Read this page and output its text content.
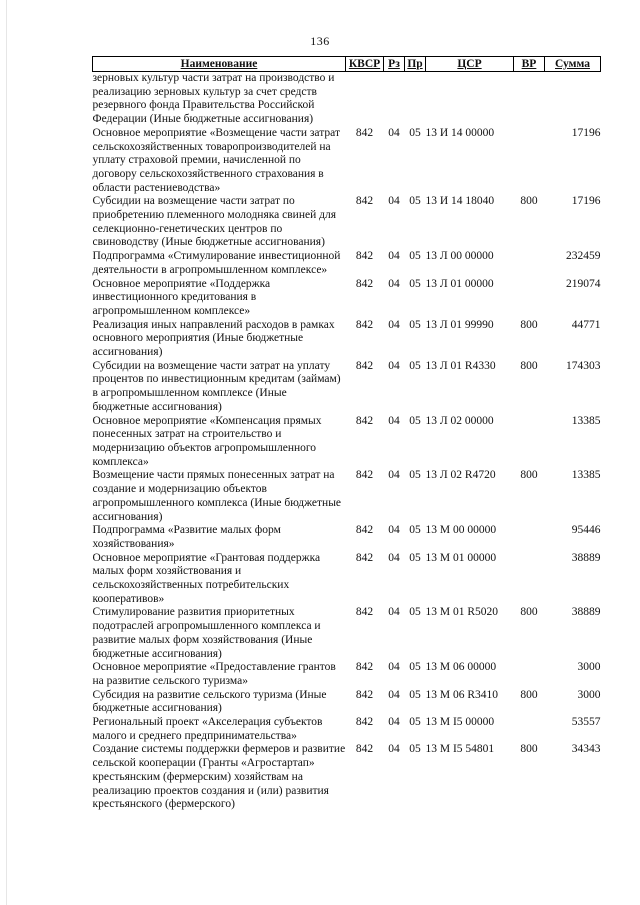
136
Наименование	КВСР	Рз	Пр	ЦСР	ВР	Сумма
зерновых культур части затрат на производство и реализацию зерновых культур за счет средств резервного фонда Правительства Российской Федерации (Иные бюджетные ассигнования)						
Основное мероприятие «Возмещение части затрат сельскохозяйственных товаропроизводителей на уплату страховой премии, начисленной по договору сельскохозяйственного страхования в области растениеводства»	842	04	05	13 И 14 00000		17196
Субсидии на возмещение части затрат по приобретению племенного молодняка свиней для селекционно-генетических центров по свиноводству (Иные бюджетные ассигнования)	842	04	05	13 И 14 18040	800	17196
Подпрограмма «Стимулирование инвестиционной деятельности в агропромышленном комплексе»	842	04	05	13 Л 00 00000		232459
Основное мероприятие «Поддержка инвестиционного кредитования в агропромышленном комплексе»	842	04	05	13 Л 01 00000		219074
Реализация иных направлений расходов в рамках основного мероприятия (Иные бюджетные ассигнования)	842	04	05	13 Л 01 99990	800	44771
Субсидии на возмещение части затрат на уплату процентов по инвестиционным кредитам (займам) в агропромышленном комплексе (Иные бюджетные ассигнования)	842	04	05	13 Л 01 R4330	800	174303
Основное мероприятие «Компенсация прямых понесенных затрат на строительство и модернизацию объектов агропромышленного комплекса»	842	04	05	13 Л 02 00000		13385
Возмещение части прямых понесенных затрат на создание и модернизацию объектов агропромышленного комплекса (Иные бюджетные ассигнования)	842	04	05	13 Л 02 R4720	800	13385
Подпрограмма «Развитие малых форм хозяйствования»	842	04	05	13 М 00 00000		95446
Основное мероприятие «Грантовая поддержка малых форм хозяйствования и сельскохозяйственных потребительских кооперативов»	842	04	05	13 М 01 00000		38889
Стимулирование развития приоритетных подотраслей агропромышленного комплекса и развитие малых форм хозяйствования (Иные бюджетные ассигнования)	842	04	05	13 М 01 R5020	800	38889
Основное мероприятие «Предоставление грантов на развитие сельского туризма»	842	04	05	13 М 06 00000		3000
Субсидия на развитие сельского туризма (Иные бюджетные ассигнования)	842	04	05	13 М 06 R3410	800	3000
Региональный проект «Акселерация субъектов малого и среднего предпринимательства»	842	04	05	13 М I5 00000		53557
Создание системы поддержки фермеров и развитие сельской кооперации (Гранты «Агростартап» крестьянским (фермерским) хозяйствам на реализацию проектов создания и (или) развития крестьянского (фермерского)	842	04	05	13 М I5 54801	800	34343
